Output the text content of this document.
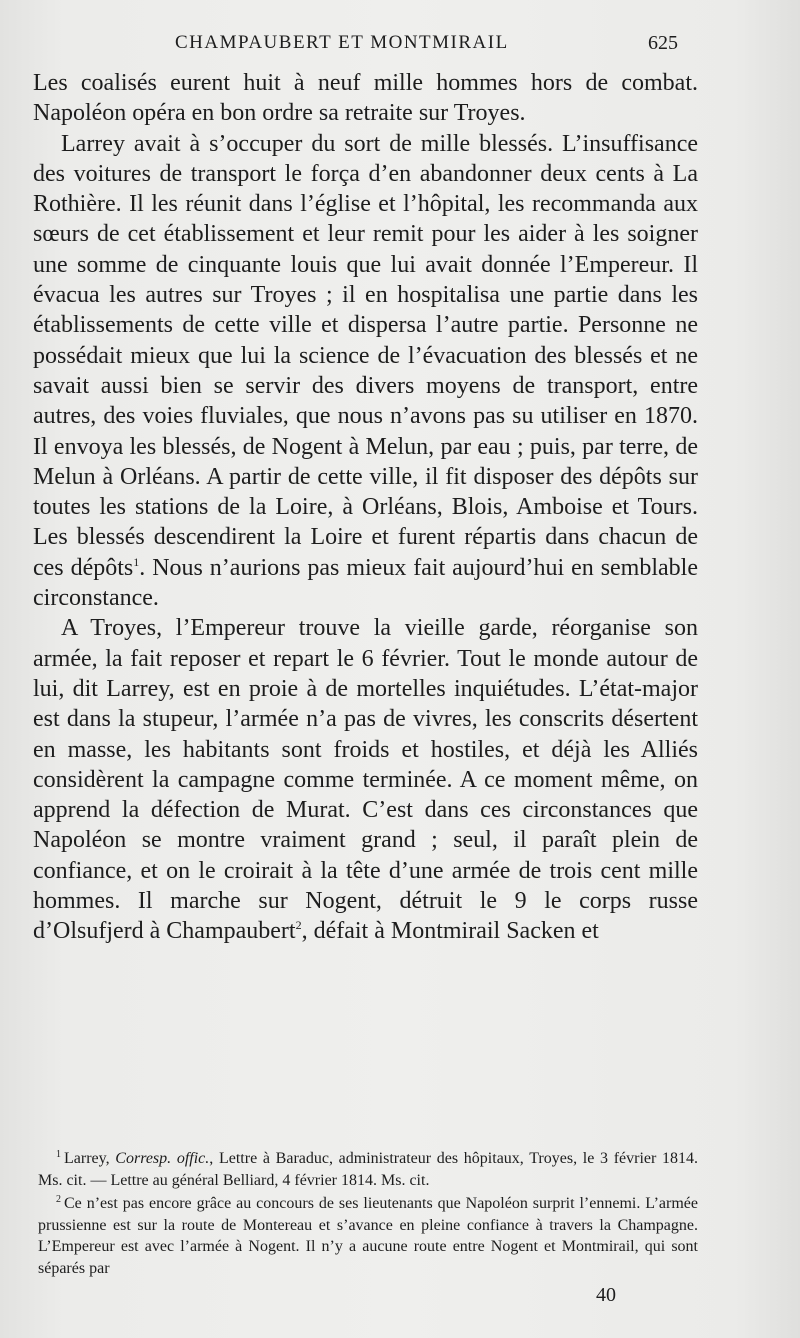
CHAMPAUBERT ET MONTMIRAIL	625

Les coalisés eurent huit à neuf mille hommes hors de combat. Napoléon opéra en bon ordre sa retraite sur Troyes.

Larrey avait à s’occuper du sort de mille blessés. L’insuffisance des voitures de transport le força d’en abandonner deux cents à La Rothière. Il les réunit dans l’église et l’hôpital, les recommanda aux sœurs de cet établissement et leur remit pour les aider à les soigner une somme de cinquante louis que lui avait donnée l’Empereur. Il évacua les autres sur Troyes ; il en hospitalisa une partie dans les établissements de cette ville et dispersa l’autre partie. Personne ne possédait mieux que lui la science de l’évacuation des blessés et ne savait aussi bien se servir des divers moyens de transport, entre autres, des voies fluviales, que nous n’avons pas su utiliser en 1870. Il envoya les blessés, de Nogent à Melun, par eau ; puis, par terre, de Melun à Orléans. A partir de cette ville, il fit disposer des dépôts sur toutes les stations de la Loire, à Orléans, Blois, Amboise et Tours. Les blessés descendirent la Loire et furent répartis dans chacun de ces dépôts$^1$. Nous n’aurions pas mieux fait aujourd’hui en semblable circonstance.

A Troyes, l’Empereur trouve la vieille garde, réorganise son armée, la fait reposer et repart le 6 février. Tout le monde autour de lui, dit Larrey, est en proie à de mortelles inquiétudes. L’état-major est dans la stupeur, l’armée n’a pas de vivres, les conscrits désertent en masse, les habitants sont froids et hostiles, et déjà les Alliés considèrent la campagne comme terminée. A ce moment même, on apprend la défection de Murat. C’est dans ces circonstances que Napoléon se montre vraiment grand ; seul, il paraît plein de confiance, et on le croirait à la tête d’une armée de trois cent mille hommes. Il marche sur Nogent, détruit le 9 le corps russe d’Olsufjerd à Champaubert$^2$, défait à Montmirail Sacken et

$^1$ Larrey, Corresp. offic., Lettre à Baraduc, administrateur des hôpitaux, Troyes, le 3 février 1814. Ms. cit. — Lettre au général Belliard, 4 février 1814. Ms. cit.

$^2$ Ce n’est pas encore grâce au concours de ses lieutenants que Napoléon surprit l’ennemi. L’armée prussienne est sur la route de Montereau et s’avance en pleine confiance à travers la Champagne. L’Empereur est avec l’armée à Nogent. Il n’y a aucune route entre Nogent et Montmirail, qui sont séparés par

40
